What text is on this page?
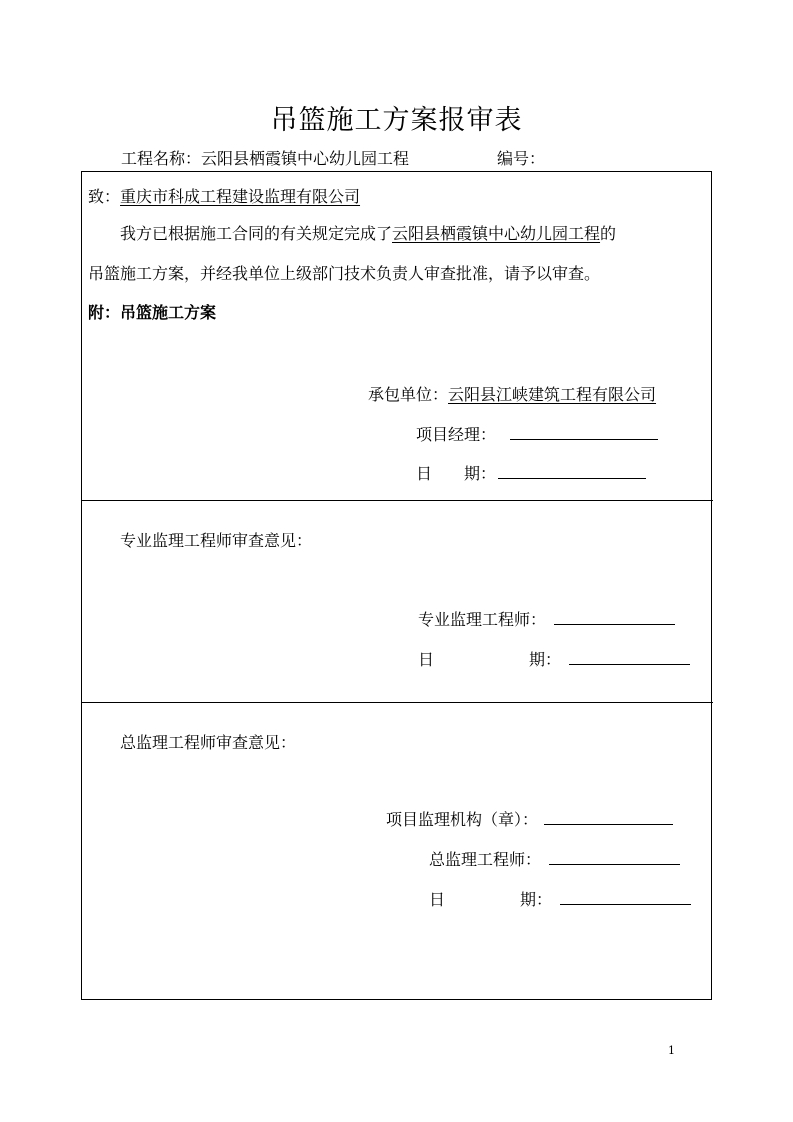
吊篮施工方案报审表
工程名称：云阳县栖霞镇中心幼儿园工程	编号：
致：重庆市科成工程建设监理有限公司
我方已根据施工合同的有关规定完成了云阳县栖霞镇中心幼儿园工程的
吊篮施工方案，并经我单位上级部门技术负责人审查批准，请予以审查。
附：吊篮施工方案
承包单位：云阳县江峡建筑工程有限公司
项目经理：
日　　期：
专业监理工程师审查意见：
专业监理工程师：
日	期：
总监理工程师审查意见：
项目监理机构（章）：
总监理工程师：
日	期：
1
